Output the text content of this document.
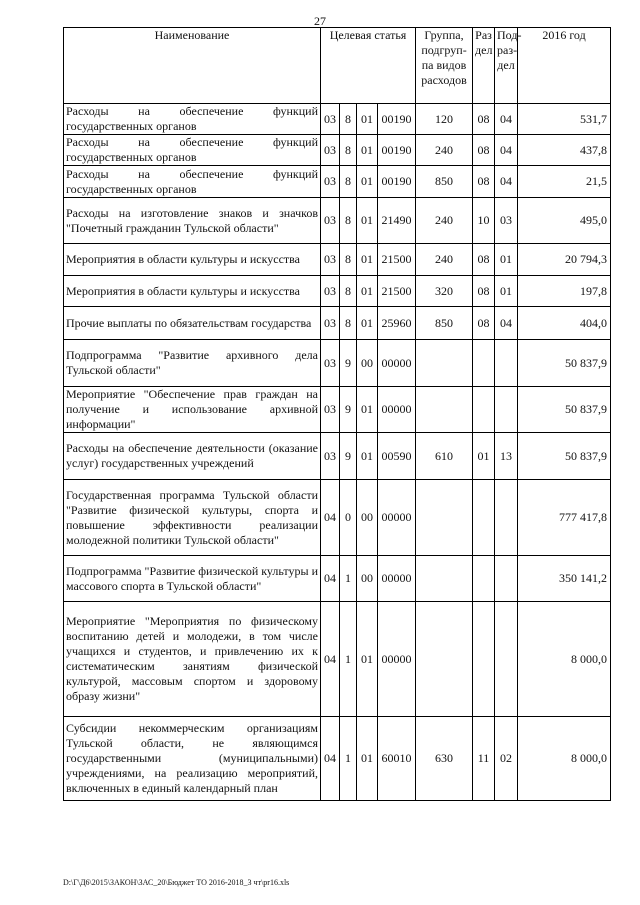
27
Наименование	Целевая статья				Группа, подгруп-па видов расходов	Раз дел	Под-раз-дел	2016 год
Расходы на обеспечение функций государственных органов	03	8	01	00190	120	08	04	531,7
Расходы на обеспечение функций государственных органов	03	8	01	00190	240	08	04	437,8
Расходы на обеспечение функций государственных органов	03	8	01	00190	850	08	04	21,5
Расходы на изготовление знаков и значков "Почетный гражданин Тульской области"	03	8	01	21490	240	10	03	495,0
Мероприятия в области культуры и искусства	03	8	01	21500	240	08	01	20 794,3
Мероприятия в области культуры и искусства	03	8	01	21500	320	08	01	197,8
Прочие выплаты по обязательствам государства	03	8	01	25960	850	08	04	404,0
Подпрограмма "Развитие архивного дела Тульской области"	03	9	00	00000				50 837,9
Мероприятие "Обеспечение прав граждан на получение и использование архивной информации"	03	9	01	00000				50 837,9
Расходы на обеспечение деятельности (оказание услуг) государственных учреждений	03	9	01	00590	610	01	13	50 837,9
Государственная программа Тульской области "Развитие физической культуры, спорта и повышение эффективности реализации молодежной политики Тульской области"	04	0	00	00000				777 417,8
Подпрограмма "Развитие физической культуры и массового спорта в Тульской области"	04	1	00	00000				350 141,2
Мероприятие "Мероприятия по физическому воспитанию детей и молодежи, в том числе учащихся и студентов, и привлечению их к систематическим занятиям физической культурой, массовым спортом и здоровому образу жизни"	04	1	01	00000				8 000,0
Субсидии некоммерческим организациям Тульской области, не являющимся государственными (муниципальными) учреждениями, на реализацию мероприятий, включенных в единый календарный план	04	1	01	60010	630	11	02	8 000,0
D:\Г\Д6\2015\ЗАКОН\ЗАС_20\Бюджет ТО 2016-2018_3 чт\pr16.xls
